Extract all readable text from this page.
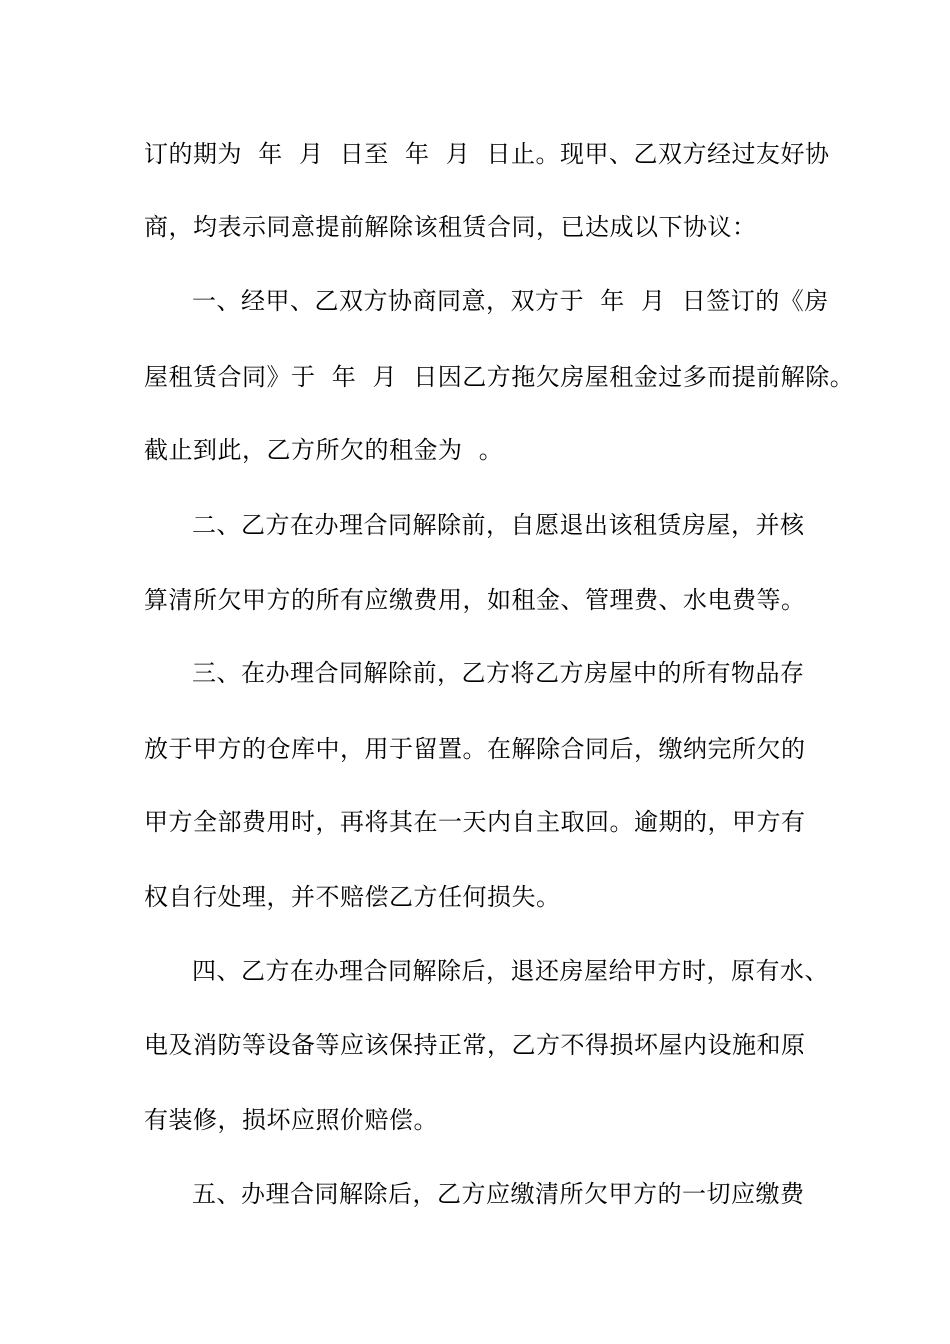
订的期为  年  月  日至  年  月  日止。现甲、乙双方经过友好协
商，均表示同意提前解除该租赁合同，已达成以下协议：
一、经甲、乙双方协商同意，双方于  年  月  日签订的《房
屋租赁合同》于  年  月  日因乙方拖欠房屋租金过多而提前解除。
截止到此，乙方所欠的租金为  。
二、乙方在办理合同解除前，自愿退出该租赁房屋，并核
算清所欠甲方的所有应缴费用，如租金、管理费、水电费等。
三、在办理合同解除前，乙方将乙方房屋中的所有物品存
放于甲方的仓库中，用于留置。在解除合同后，缴纳完所欠的
甲方全部费用时，再将其在一天内自主取回。逾期的，甲方有
权自行处理，并不赔偿乙方任何损失。
四、乙方在办理合同解除后，退还房屋给甲方时，原有水、
电及消防等设备等应该保持正常，乙方不得损坏屋内设施和原
有装修，损坏应照价赔偿。
五、办理合同解除后，乙方应缴清所欠甲方的一切应缴费
